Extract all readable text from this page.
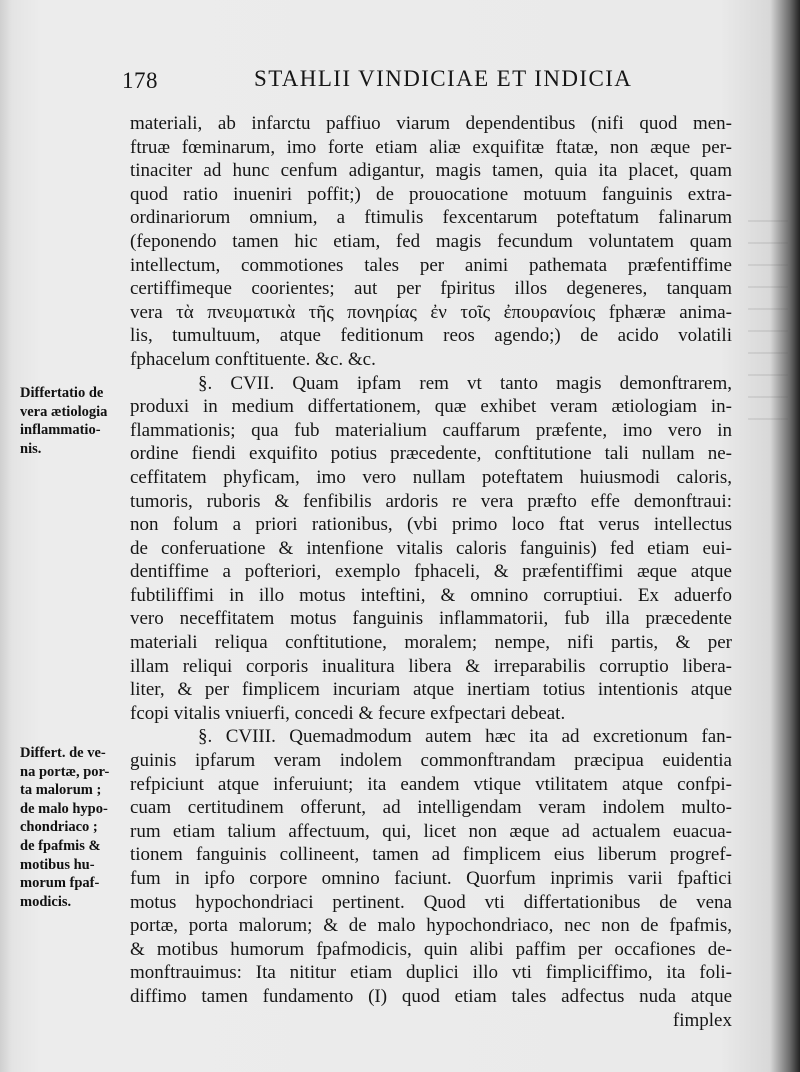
178	STAHLII VINDICIAE ET INDICIA
Differtatio de
vera ætiologia
inflammatio-
nis.
Differt. de ve-
na portæ, por-
ta malorum ;
de malo hypo-
chondriaco ;
de fpafmis &
motibus hu-
morum fpaf-
modicis.
materiali, ab infarctu paffiuo viarum dependentibus (nifi quod men-
ftruæ fœminarum, imo forte etiam aliæ exquifitæ ftatæ, non æque per-
tinaciter ad hunc cenfum adigantur, magis tamen, quia ita placet, quam
quod ratio inueniri poffit;) de prouocatione motuum fanguinis extra-
ordinariorum omnium, a ftimulis fexcentarum poteftatum falinarum
(feponendo tamen hic etiam, fed magis fecundum voluntatem quam
intellectum, commotiones tales per animi pathemata præfentiffime
certiffimeque coorientes; aut per fpiritus illos degeneres, tanquam
vera τὰ πνευματικὰ τῆς πονηρίας ἐν τοῖς ἐπουρανίοις fphæræ anima-
lis, tumultuum, atque feditionum reos agendo;) de acido volatili
fphacelum conftituente. &c. &c.
§. CVII. Quam ipfam rem vt tanto magis demonftrarem,
produxi in medium differtationem, quæ exhibet veram ætiologiam in-
flammationis; qua fub materialium cauffarum præfente, imo vero in
ordine fiendi exquifito potius præcedente, conftitutione tali nullam ne-
ceffitatem phyficam, imo vero nullam poteftatem huiusmodi caloris,
tumoris, ruboris & fenfibilis ardoris re vera præfto effe demonftraui:
non folum a priori rationibus, (vbi primo loco ftat verus intellectus
de conferuatione & intenfione vitalis caloris fanguinis) fed etiam eui-
dentiffime a pofteriori, exemplo fphaceli, & præfentiffimi æque atque
fubtiliffimi in illo motus inteftini, & omnino corruptiui. Ex aduerfo
vero neceffitatem motus fanguinis inflammatorii, fub illa præcedente
materiali reliqua conftitutione, moralem; nempe, nifi partis, & per
illam reliqui corporis inualitura libera & irreparabilis corruptio libera-
liter, & per fimplicem incuriam atque inertiam totius intentionis atque
fcopi vitalis vniuerfi, concedi & fecure exfpectari debeat.
§. CVIII. Quemadmodum autem hæc ita ad excretionum fan-
guinis ipfarum veram indolem commonftrandam præcipua euidentia
refpiciunt atque inferuiunt; ita eandem vtique vtilitatem atque confpi-
cuam certitudinem offerunt, ad intelligendam veram indolem multo-
rum etiam talium affectuum, qui, licet non æque ad actualem euacua-
tionem fanguinis collineent, tamen ad fimplicem eius liberum progref-
fum in ipfo corpore omnino faciunt. Quorfum inprimis varii fpaftici
motus hypochondriaci pertinent. Quod vti differtationibus de vena
portæ, porta malorum; & de malo hypochondriaco, nec non de fpafmis,
& motibus humorum fpafmodicis, quin alibi paffim per occafiones de-
monftrauimus: Ita nititur etiam duplici illo vti fimpliciffimo, ita foli-
diffimo tamen fundamento (I) quod etiam tales adfectus nuda atque
fimplex
